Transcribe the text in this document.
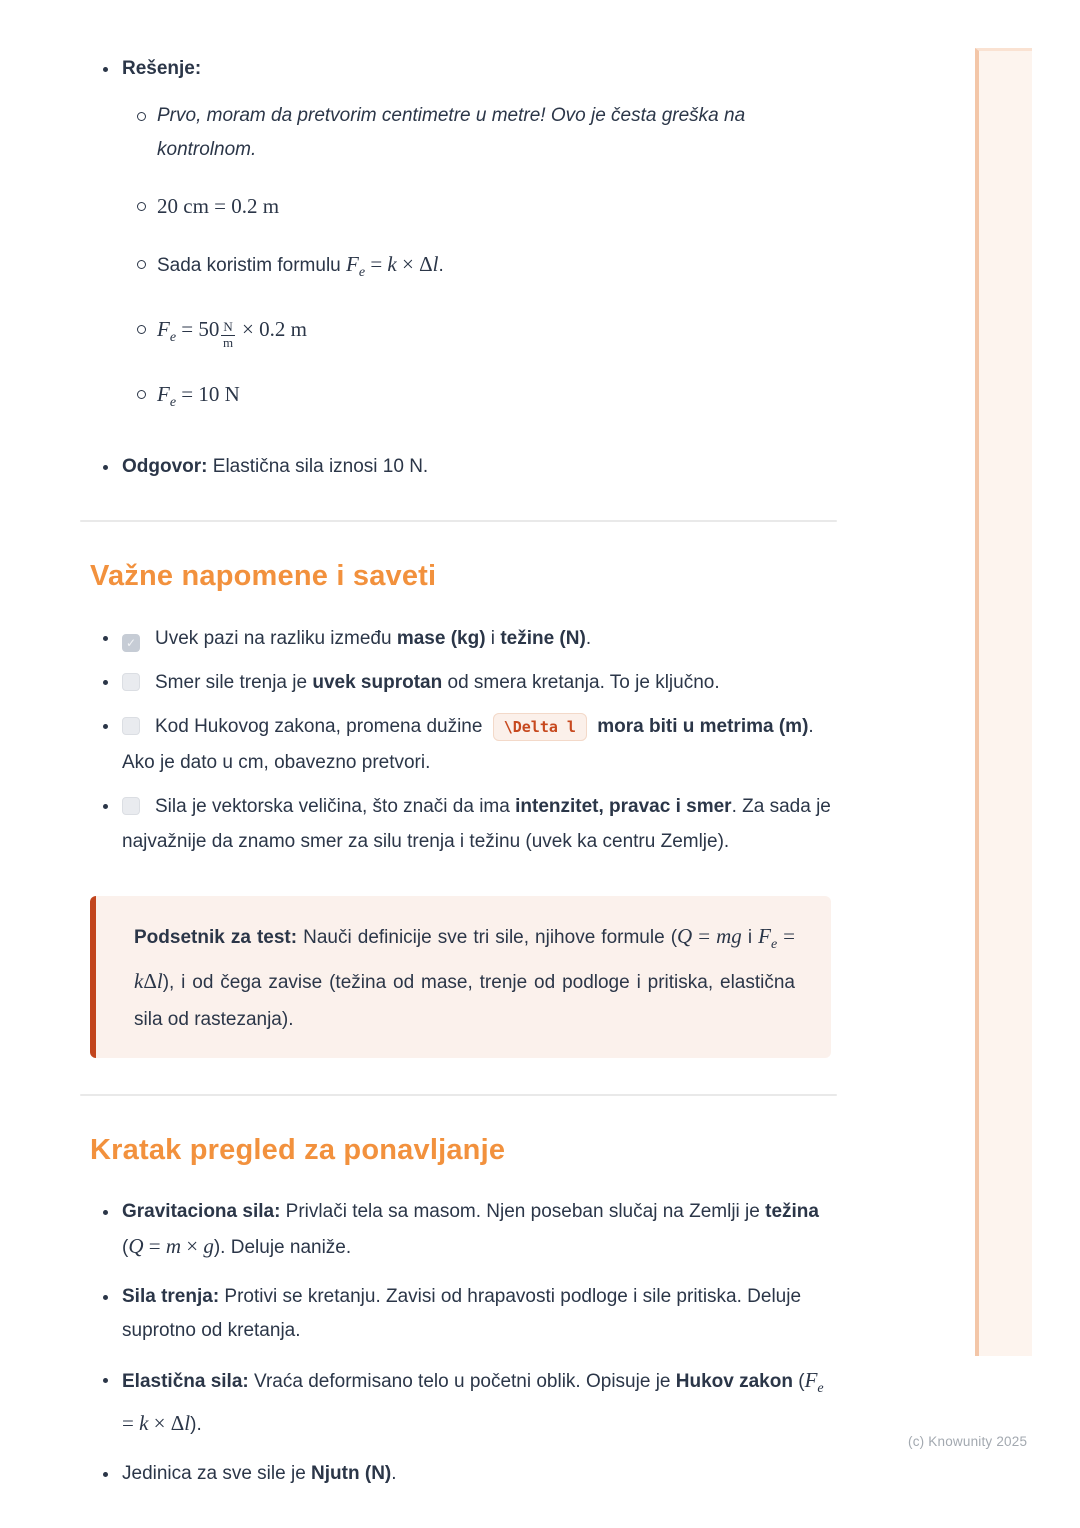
Rešenje:
Prvo, moram da pretvorim centimetre u metre! Ovo je česta greška na kontrolnom.
20 cm = 0.2 m
Sada koristim formulu $F_e = k \times \Delta l$.
$F_e = 50 \frac{N}{m} \times 0.2$ m
$F_e = 10$ N
Odgovor: Elastična sila iznosi 10 N.
Važne napomene i saveti
✓Uvek pazi na razliku između mase (kg) i težine (N).
Smer sile trenja je uvek suprotan od smera kretanja. To je ključno.
Kod Hukovog zakona, promena dužine \Delta l mora biti u metrima (m). Ako je dato u cm, obavezno pretvori.
Sila je vektorska veličina, što znači da ima intenzitet, pravac i smer. Za sada je najvažnije da znamo smer za silu trenja i težinu (uvek ka centru Zemlje).
Podsetnik za test: Nauči definicije sve tri sile, njihove formule (Q = mg i $F_e = k\Delta l$), i od čega zavise (težina od mase, trenje od podloge i pritiska, elastična sila od rastezanja).
Kratak pregled za ponavljanje
Gravitaciona sila: Privlači tela sa masom. Njen poseban slučaj na Zemlji je težina (Q = m × g). Deluje naniže.
Sila trenja: Protivi se kretanju. Zavisi od hrapavosti podloge i sile pritiska. Deluje suprotno od kretanja.
Elastična sila: Vraća deformisano telo u početni oblik. Opisuje je Hukov zakon $(F_e = k \times \Delta l)$.
Jedinica za sve sile je Njutn (N).
(c) Knowunity 2025
